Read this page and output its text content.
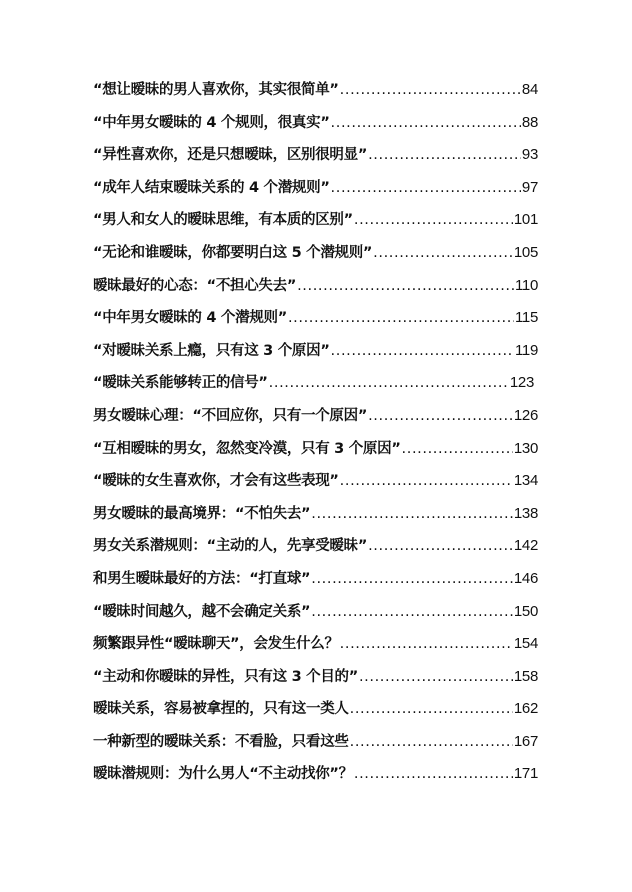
“想让暧昧的男人喜欢你，其实很简单” .....	84
“中年男女暧昧的 4 个规则，很真实” .....	88
“异性喜欢你，还是只想暧昧，区别很明显” .....	93
“成年人结束暧昧关系的 4 个潜规则” .....	97
“男人和女人的暧昧思维，有本质的区别” .....	101
“无论和谁暧昧，你都要明白这 5 个潜规则” .....	105
暧昧最好的心态：“不担心失去” .....	110
“中年男女暧昧的 4 个潜规则” .....	115
“对暧昧关系上瘾，只有这 3 个原因” .....	119
“暧昧关系能够转正的信号” .....	123
男女暧昧心理：“不回应你，只有一个原因” .....	126
“互相暧昧的男女，忽然变冷漠，只有 3 个原因” .....	130
“暧昧的女生喜欢你，才会有这些表现” .....	134
男女暧昧的最高境界：“不怕失去” .....	138
男女关系潜规则：“主动的人，先享受暧昧” .....	142
和男生暧昧最好的方法：“打直球” .....	146
“暧昧时间越久，越不会确定关系” .....	150
频繁跟异性“暧昧聊天”，会发生什么？ .....	154
“主动和你暧昧的异性，只有这 3 个目的” .....	158
暧昧关系，容易被拿捏的，只有这一类人 .....	162
一种新型的暧昧关系：不看脸，只看这些 .....	167
暧昧潜规则：为什么男人“不主动找你”？ .....	171
